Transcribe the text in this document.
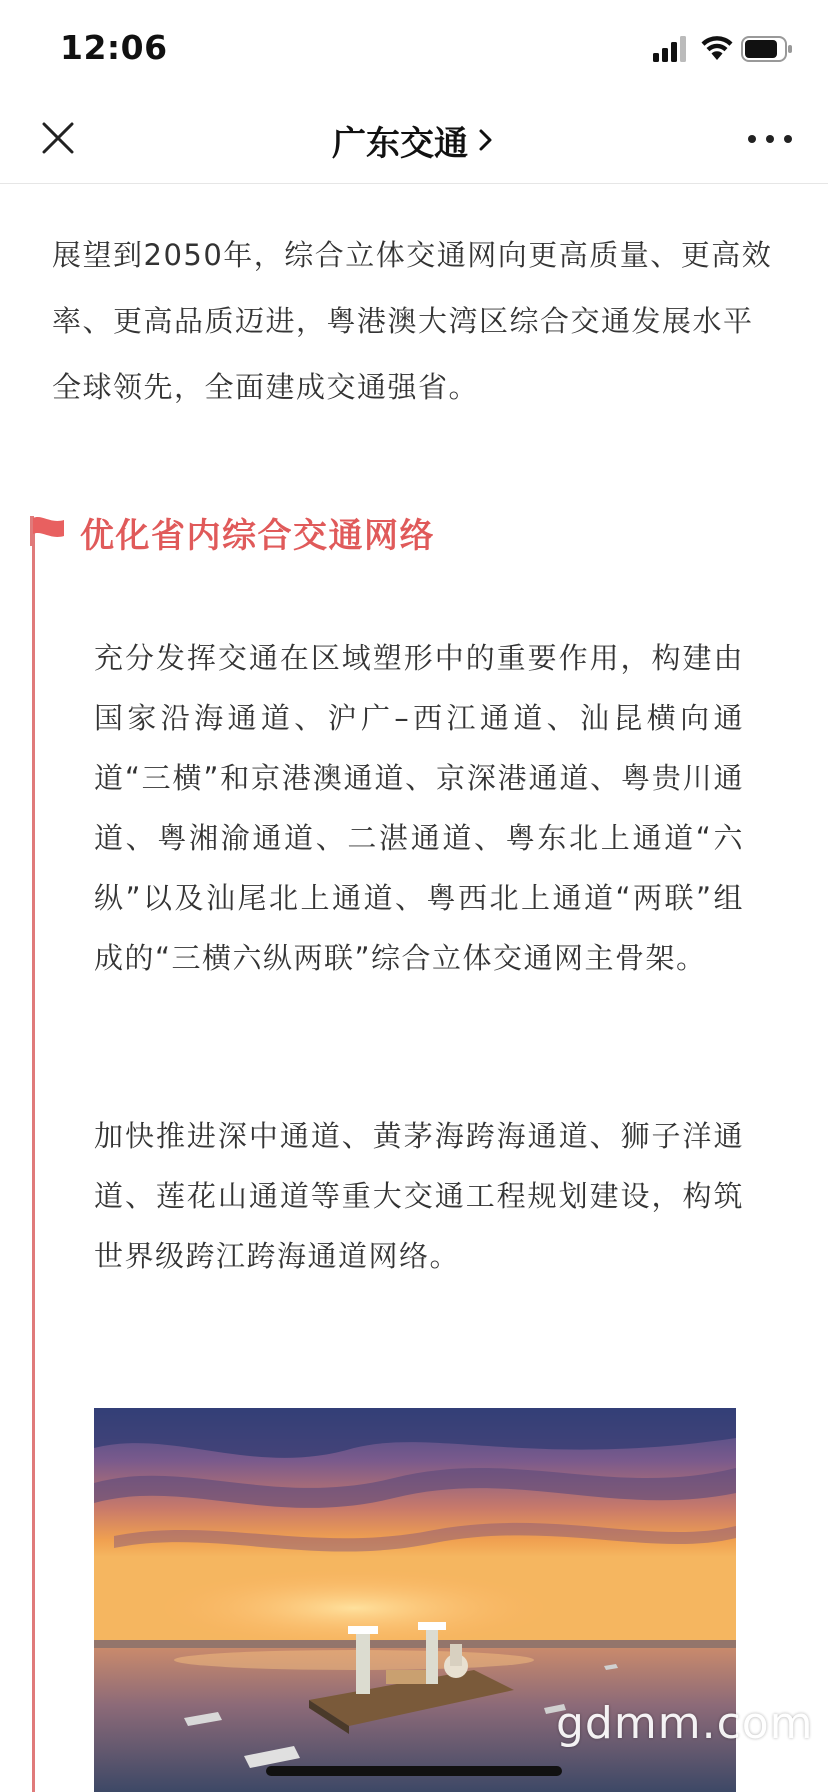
12:06
广东交通

展望到2050年，综合立体交通网向更高质量、更高效率、更高品质迈进，粤港澳大湾区综合交通发展水平全球领先，全面建成交通强省。

优化省内综合交通网络

充分发挥交通在区域塑形中的重要作用，构建由国家沿海通道、沪广–西江通道、汕昆横向通道“三横”和京港澳通道、京深港通道、粤贵川通道、粤湘渝通道、二湛通道、粤东北上通道“六纵”以及汕尾北上通道、粤西北上通道“两联”组成的“三横六纵两联”综合立体交通网主骨架。

加快推进深中通道、黄茅海跨海通道、狮子洋通道、莲花山通道等重大交通工程规划建设，构筑世界级跨江跨海通道网络。

gdmm.com
